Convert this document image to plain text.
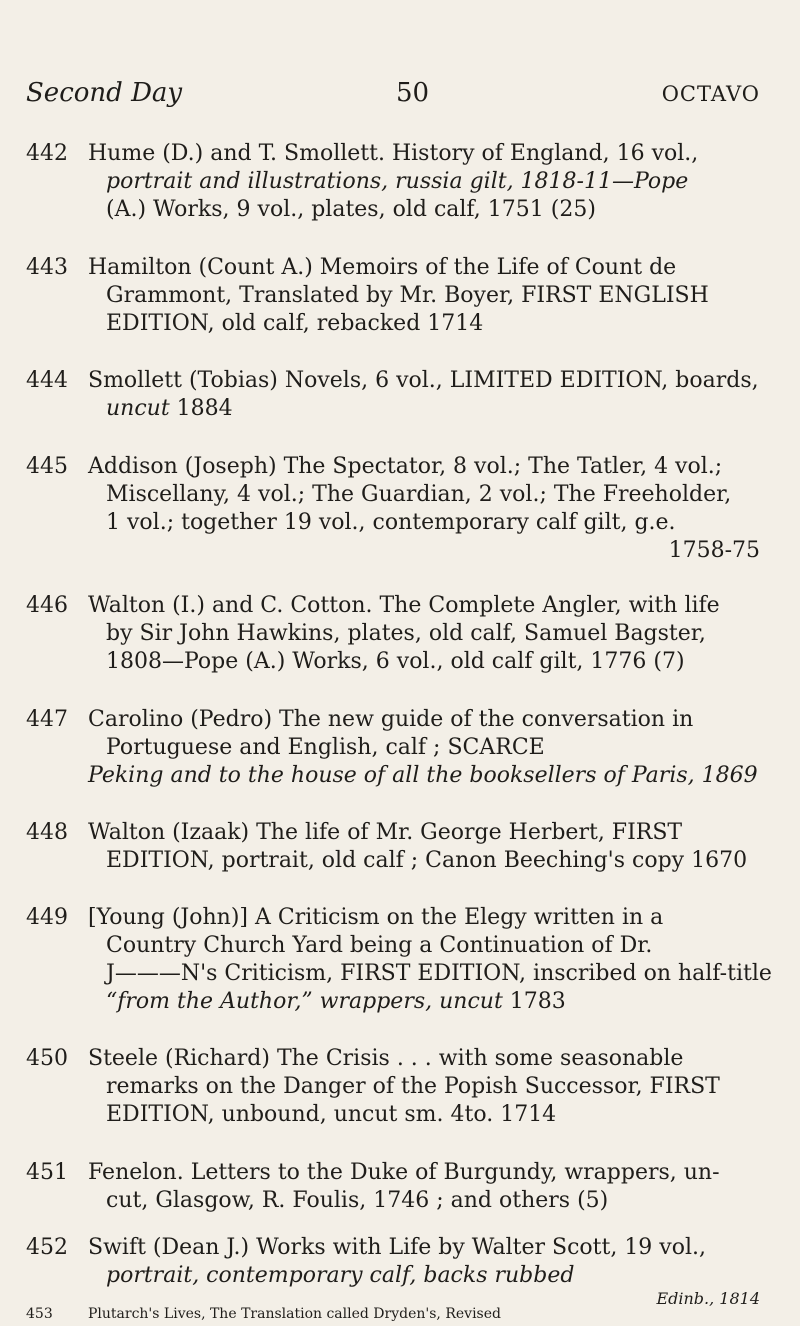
Second Day	50	OCTAVO
442 Hume (D.) and T. Smollett. History of England, 16 vol.,
portrait and illustrations, russia gilt, 1818-11—Pope
(A.) Works, 9 vol., plates, old calf, 1751 (25)
443 Hamilton (Count A.) Memoirs of the Life of Count de
Grammont, Translated by Mr. Boyer, FIRST ENGLISH
EDITION, old calf, rebacked 1714
444 Smollett (Tobias) Novels, 6 vol., LIMITED EDITION, boards,
uncut 1884
445 Addison (Joseph) The Spectator, 8 vol.; The Tatler, 4 vol.;
Miscellany, 4 vol.; The Guardian, 2 vol.; The Freeholder,
1 vol.; together 19 vol., contemporary calf gilt, g.e.
1758-75
446 Walton (I.) and C. Cotton. The Complete Angler, with life
by Sir John Hawkins, plates, old calf, Samuel Bagster,
1808—Pope (A.) Works, 6 vol., old calf gilt, 1776 (7)
447 Carolino (Pedro) The new guide of the conversation in
Portuguese and English, calf ; SCARCE
Peking and to the house of all the booksellers of Paris, 1869
448 Walton (Izaak) The life of Mr. George Herbert, FIRST
EDITION, portrait, old calf ; Canon Beeching's copy 1670
449 [Young (John)] A Criticism on the Elegy written in a
Country Church Yard being a Continuation of Dr.
J———N's Criticism, FIRST EDITION, inscribed on half-title
“from the Author,” wrappers, uncut 1783
450 Steele (Richard) The Crisis . . . with some seasonable
remarks on the Danger of the Popish Successor, FIRST
EDITION, unbound, uncut sm. 4to. 1714
451 Fenelon. Letters to the Duke of Burgundy, wrappers, un-
cut, Glasgow, R. Foulis, 1746 ; and others (5)
452 Swift (Dean J.) Works with Life by Walter Scott, 19 vol.,
portrait, contemporary calf, backs rubbed
Edinb., 1814
453	Plutarch's Lives, The Translation called Dryden's, Revised
